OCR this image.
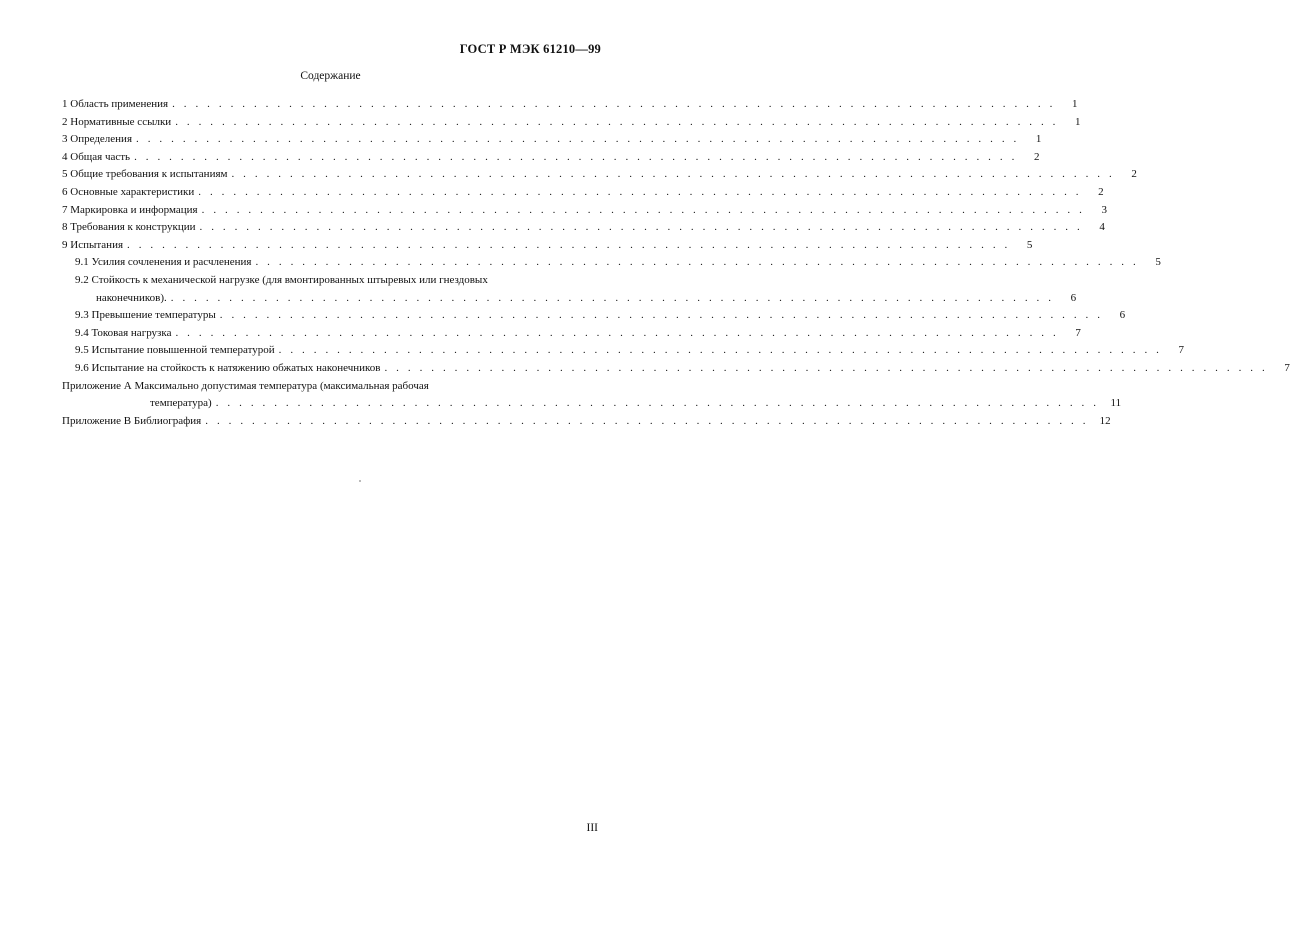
ГОСТ Р МЭК 61210—99
Содержание
1 Область применения . . . . . . . . . . . . . . . . . . . . . . . . . . . . . . . . . . . . . . . . . . . . . . . . . . . . . . . . . . . . . . . . . . . . . . . . . . . .	1
2 Нормативные ссылки . . . . . . . . . . . . . . . . . . . . . . . . . . . . . . . . . . . . . . . . . . . . . . . . . . . . . . . . . . . . . . . . . . . . . . . . . . . .	1
3 Определения . . . . . . . . . . . . . . . . . . . . . . . . . . . . . . . . . . . . . . . . . . . . . . . . . . . . . . . . . . . . . . . . . . . . . . . . . . . .	1
4 Общая часть . . . . . . . . . . . . . . . . . . . . . . . . . . . . . . . . . . . . . . . . . . . . . . . . . . . . . . . . . . . . . . . . . . . . . . . . . . . .	2
5 Общие требования к испытаниям . . . . . . . . . . . . . . . . . . . . . . . . . . . . . . . . . . . . . . . . . . . . . . . . . . . . . . . . . . . . . . . . . . . . . . . . . . . .	2
6 Основные характеристики . . . . . . . . . . . . . . . . . . . . . . . . . . . . . . . . . . . . . . . . . . . . . . . . . . . . . . . . . . . . . . . . . . . . . . . . . . . .	2
7 Маркировка и информация . . . . . . . . . . . . . . . . . . . . . . . . . . . . . . . . . . . . . . . . . . . . . . . . . . . . . . . . . . . . . . . . . . . . . . . . . . . .	3
8 Требования к конструкции . . . . . . . . . . . . . . . . . . . . . . . . . . . . . . . . . . . . . . . . . . . . . . . . . . . . . . . . . . . . . . . . . . . . . . . . . . . .	4
9 Испытания . . . . . . . . . . . . . . . . . . . . . . . . . . . . . . . . . . . . . . . . . . . . . . . . . . . . . . . . . . . . . . . . . . . . . . . . . . . .	5
9.1 Усилия сочленения и расчленения . . . . . . . . . . . . . . . . . . . . . . . . . . . . . . . . . . . . . . . . . . . . . . . . . . . . . . . . . . . . . . . . . . . . . . . . . . . .	5
9.2 Стойкость к механической нагрузке (для вмонтированных штыревых или гнездовых
наконечников). . . . . . . . . . . . . . . . . . . . . . . . . . . . . . . . . . . . . . . . . . . . . . . . . . . . . . . . . . . . . . . . . . . . . . . . . . . . .	6
9.3 Превышение температуры . . . . . . . . . . . . . . . . . . . . . . . . . . . . . . . . . . . . . . . . . . . . . . . . . . . . . . . . . . . . . . . . . . . . . . . . . . . .	6
9.4 Токовая нагрузка . . . . . . . . . . . . . . . . . . . . . . . . . . . . . . . . . . . . . . . . . . . . . . . . . . . . . . . . . . . . . . . . . . . . . . . . . . . .	7
9.5 Испытание повышенной температурой . . . . . . . . . . . . . . . . . . . . . . . . . . . . . . . . . . . . . . . . . . . . . . . . . . . . . . . . . . . . . . . . . . . . . . . . . . . .	7
9.6 Испытание на стойкость к натяжению обжатых наконечников . . . . . . . . . . . . . . . . . . . . . . . . . . . . . . . . . . . . . . . . . . . . . . . . . . . . . . . . . . . . . . . . . . . . . . . . . . . .	7
Приложение А Максимально допустимая температура (максимальная рабочая
температура) . . . . . . . . . . . . . . . . . . . . . . . . . . . . . . . . . . . . . . . . . . . . . . . . . . . . . . . . . . . . . . . . . . . . . . . . . . . .	11
Приложение В Библиография . . . . . . . . . . . . . . . . . . . . . . . . . . . . . . . . . . . . . . . . . . . . . . . . . . . . . . . . . . . . . . . . . . . . . . . . . . . .	12
III
